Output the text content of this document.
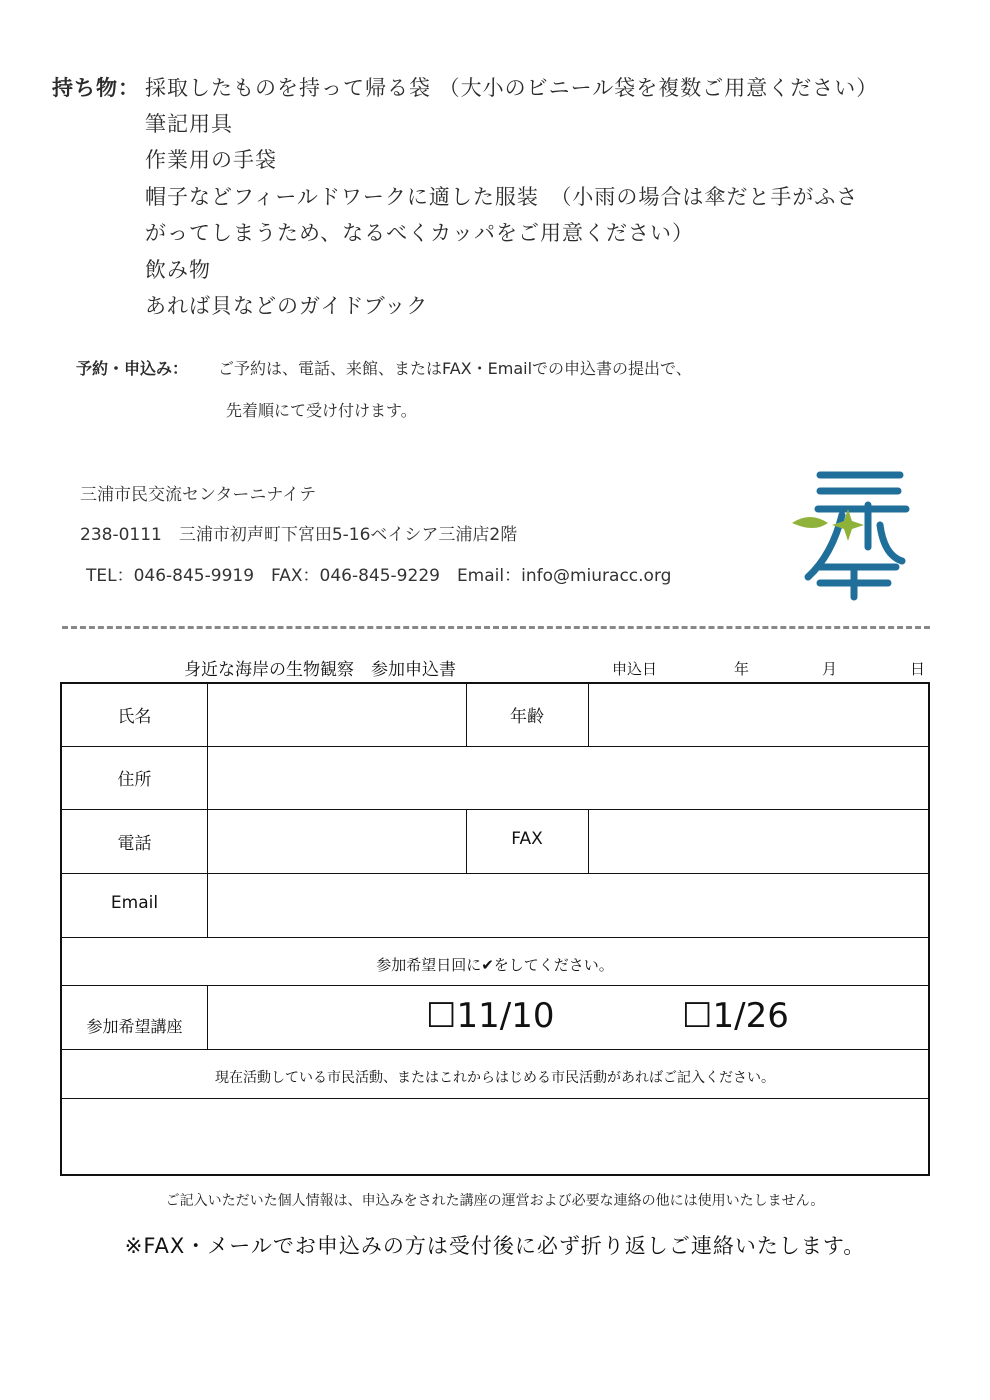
持ち物： 採取したものを持って帰る袋 （大小のビニール袋を複数ご用意ください）
筆記用具
作業用の手袋
帽子などフィールドワークに適した服装　（小雨の場合は傘だと手がふさ
がってしまうため、なるべくカッパをご用意ください）
飲み物
あれば貝などのガイドブック
予約・申込み： ご予約は、電話、来館、またはFAX・Emailでの申込書の提出で、
先着順にて受け付けます。
三浦市民交流センターニナイテ
238-0111　三浦市初声町下宮田5-16ベイシア三浦店2階
TEL：046-845-9919　FAX：046-845-9229　Email：info@miuracc.org
身近な海岸の生物観察　参加申込書	申込日	年	月	日
氏名	年齢
住所
電話	FAX
Email
参加希望日回に✔をしてください。
参加希望講座	☐11/10	☐1/26
現在活動している市民活動、またはこれからはじめる市民活動があればご記入ください。
ご記入いただいた個人情報は、申込みをされた講座の運営および必要な連絡の他には使用いたしません。
※FAX・メールでお申込みの方は受付後に必ず折り返しご連絡いたします。
